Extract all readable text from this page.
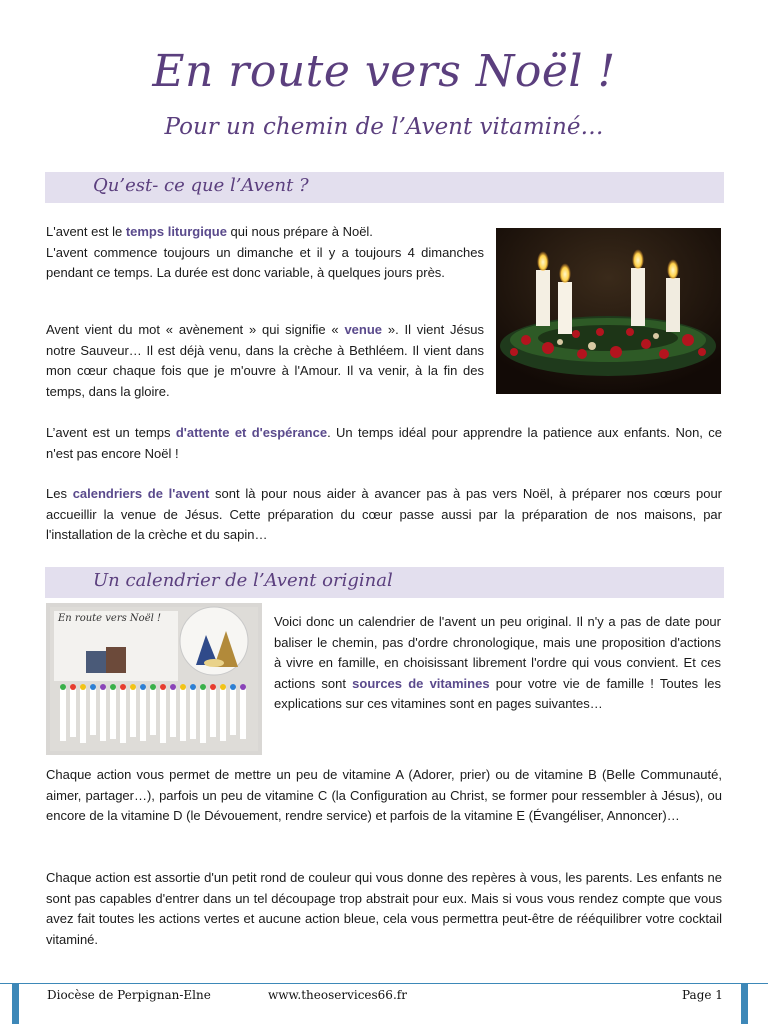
En route vers Noël !
Pour un chemin de l’Avent vitaminé…
Qu’est- ce que l’Avent ?

L'avent est le temps liturgique qui nous prépare à Noël.
L'avent commence toujours un dimanche et il y a toujours 4 dimanches pendant ce temps. La durée est donc variable, à quelques jours près.

Avent vient du mot « avènement » qui signifie « venue ». Il vient Jésus notre Sauveur… Il est déjà venu, dans la crèche à Bethléem. Il vient dans mon cœur chaque fois que je m'ouvre à l'Amour. Il va venir, à la fin des temps, dans la gloire.

L’avent est un temps d'attente et d'espérance. Un temps idéal pour apprendre la patience aux enfants. Non, ce n'est pas encore Noël !

Les calendriers de l'avent sont là pour nous aider à avancer pas à pas vers Noël, à préparer nos cœurs pour accueillir la venue de Jésus. Cette préparation du cœur passe aussi par la préparation de nos maisons, par l'installation de la crèche et du sapin…

Un calendrier de l’Avent original
En route vers Noël !	Voici donc un calendrier de l'avent un peu original. Il n'y a pas de date pour baliser le chemin, pas d'ordre chronologique, mais une proposition d'actions à vivre en famille, en choisissant librement l'ordre qui vous convient. Et ces actions sont sources de vitamines pour votre vie de famille ! Toutes les explications sur ces vitamines sont en pages suivantes…

Chaque action vous permet de mettre un peu de vitamine A (Adorer, prier) ou de vitamine B (Belle Communauté, aimer, partager…), parfois un peu de vitamine C (la Configuration au Christ, se former pour ressembler à Jésus), ou encore de la vitamine D (le Dévouement, rendre service) et parfois de la vitamine E (Évangéliser, Annoncer)…

Chaque action est assortie d'un petit rond de couleur qui vous donne des repères à vous, les parents. Les enfants ne sont pas capables d'entrer dans un tel découpage trop abstrait pour eux. Mais si vous vous rendez compte que vous avez fait toutes les actions vertes et aucune action bleue, cela vous permettra peut-être de rééquilibrer votre cocktail vitaminé.

Diocèse de Perpignan-Elne	www.theoservices66.fr	Page 1
